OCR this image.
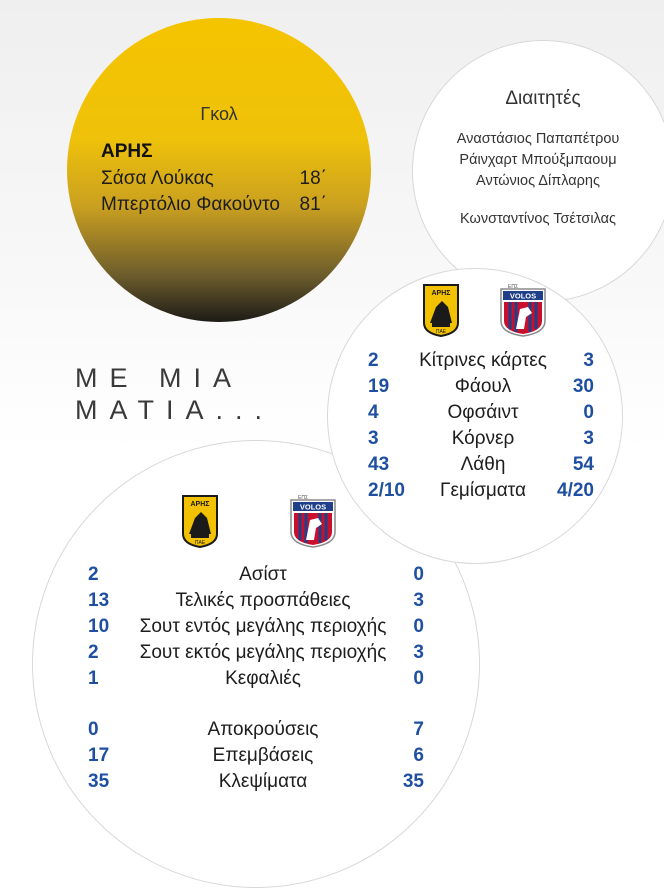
Γκολ
ΑΡΗΣ
Σάσα Λούκας	18΄
Μπερτόλιο Φακούντο 81΄
Διαιτητές
Αναστάσιος Παπαπέτρου
Ράινχαρτ Μπούξμπαουμ
Αντώνιος Δίπλαρης
Κωνσταντίνος Τσέτσιλας
ΜΕ ΜΙΑ
ΜΑΤΙΑ...
ΑΡΗΣ
ΠΑΕ
ΕΠΣ
VOLOS
ΑΡΗΣ
ΠΑΕ
ΕΠΣ
VOLOS
2	Κίτρινες κάρτες	3
19	Φάουλ	30
4	Οφσάιντ	0
3	Κόρνερ	3
43	Λάθη	54
2/10	Γεμίσματα	4/20
2	Ασίστ	0
13	Τελικές προσπάθειες	3
10	Σουτ εντός μεγάλης περιοχής	0
2	Σουτ εκτός μεγάλης περιοχής	3
1	Κεφαλιές	0
0	Αποκρούσεις	7
17	Επεμβάσεις	6
35	Κλεψίματα	35
